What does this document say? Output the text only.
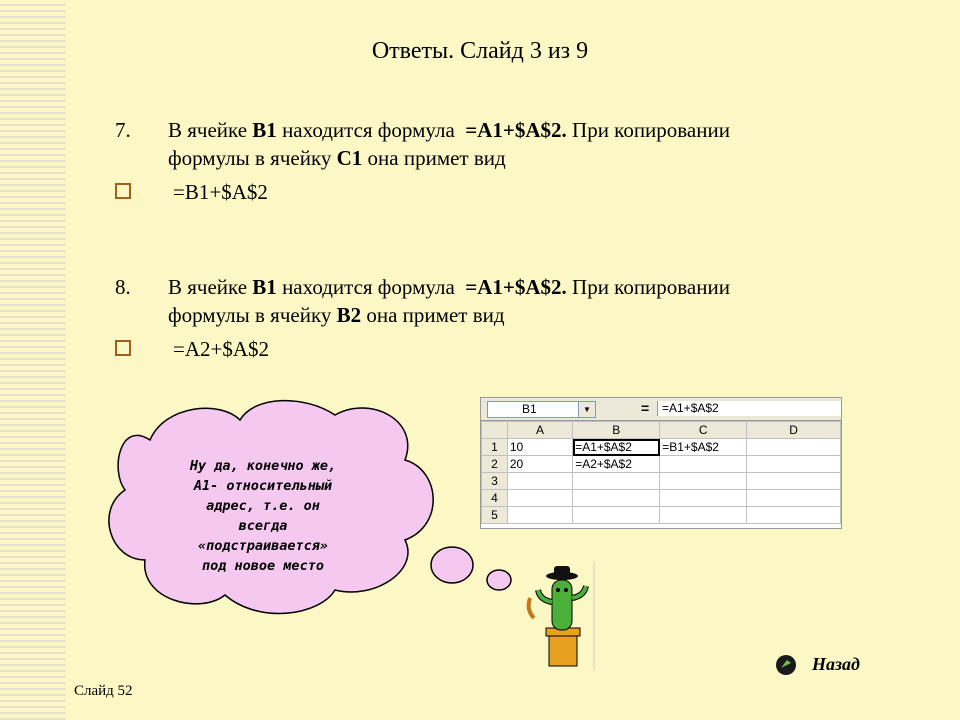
Ответы. Слайд 3 из 9
7. В ячейке B1 находится формула  =A1+$A$2. При копировании
формулы в ячейку C1 она примет вид
=B1+$A$2
8. В ячейке B1 находится формула  =A1+$A$2. При копировании
формулы в ячейку B2 она примет вид
=A2+$A$2
B1	▼	=	=A1+$A$2
	A	B	C	D
1	10	=A1+$A$2	=B1+$A$2	
2	20	=A2+$A$2		
3				
4				
5				
Ну да, конечно же,
А1- относительный
адрес, т.е. он
всегда
«подстраивается»
под новое место
Слайд 52
Назад
